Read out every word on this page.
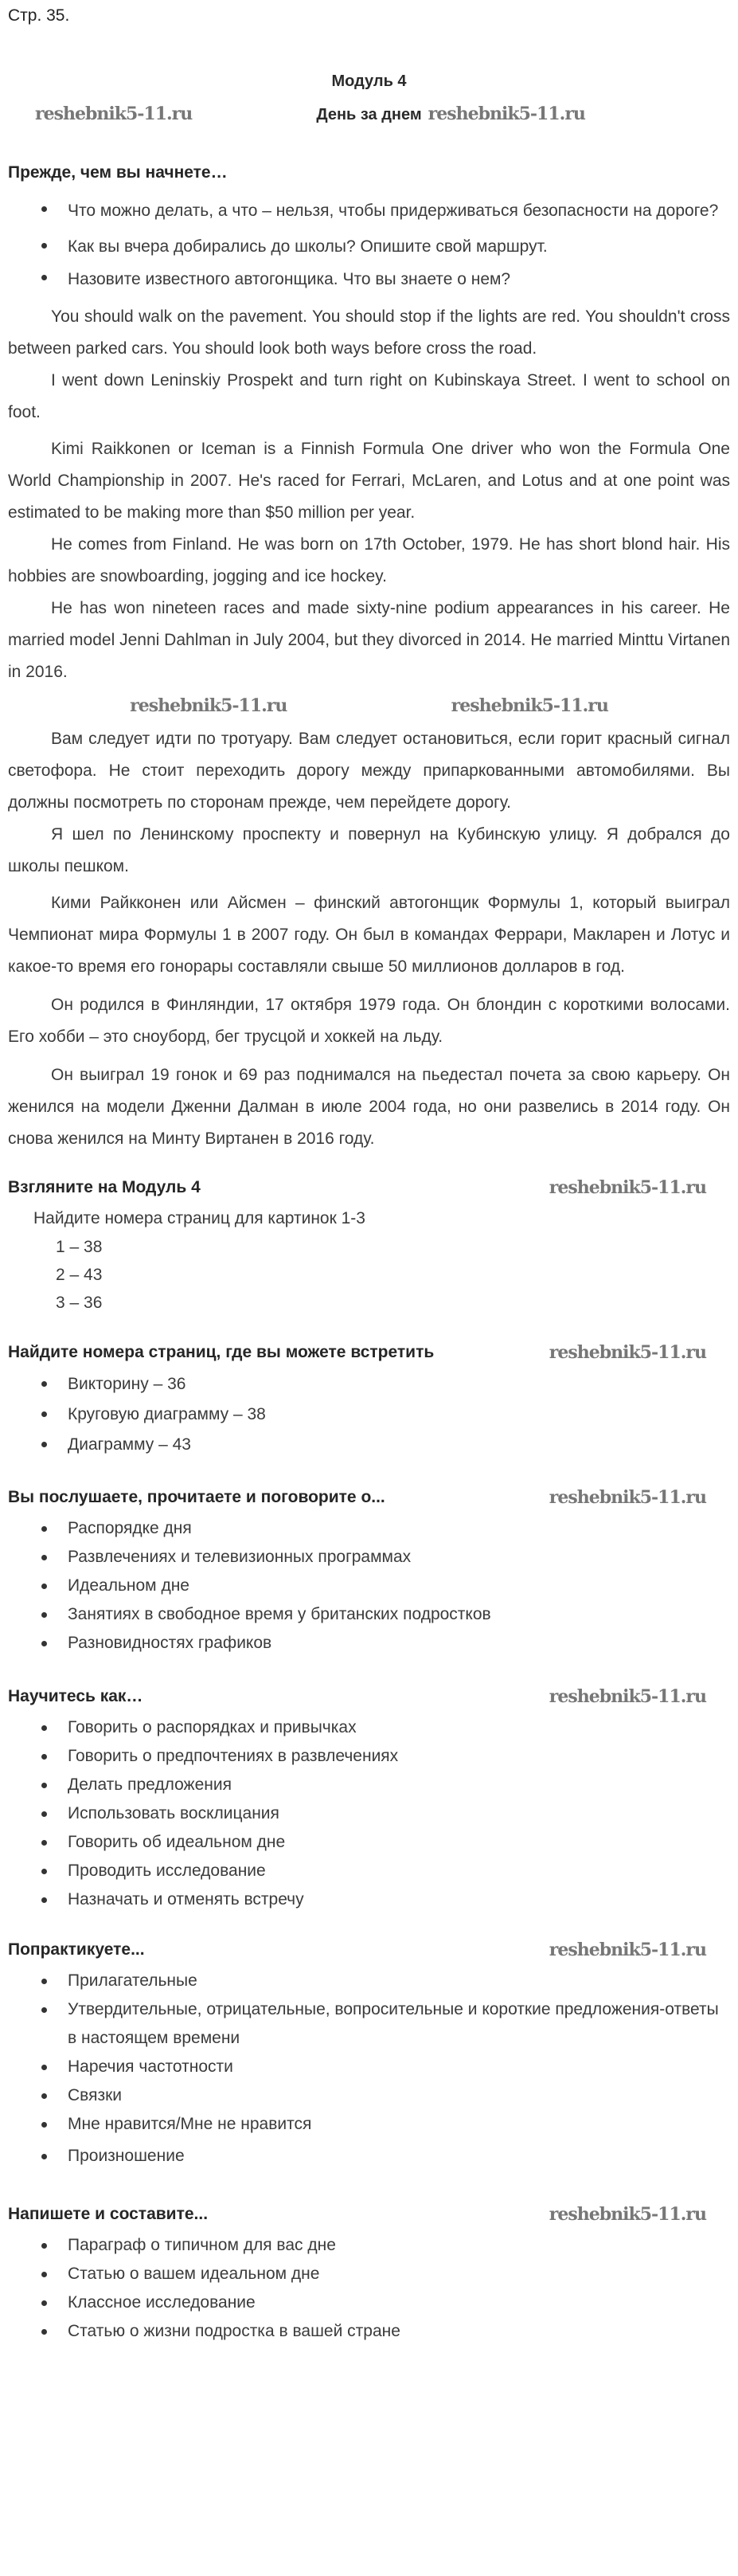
Стр. 35.
Модуль 4
reshebnik5-11.ru	День за днем reshebnik5-11.ru
Прежде, чем вы начнете…
Что можно делать, а что – нельзя, чтобы придерживаться безопасности на дороге?
Как вы вчера добирались до школы? Опишите свой маршрут.
Назовите известного автогонщика. Что вы знаете о нем?

You should walk on the pavement. You should stop if the lights are red. You shouldn't cross between parked cars. You should look both ways before cross the road.

I went down Leninskiy Prospekt and turn right on Kubinskaya Street. I went to school on foot.

Kimi Raikkonen or Iceman is a Finnish Formula One driver who won the Formula One World Championship in 2007. He's raced for Ferrari, McLaren, and Lotus and at one point was estimated to be making more than $50 million per year.

He comes from Finland. He was born on 17th October, 1979. He has short blond hair. His hobbies are snowboarding, jogging and ice hockey.

He has won nineteen races and made sixty-nine podium appearances in his career. He married model Jenni Dahlman in July 2004, but they divorced in 2014. He married Minttu Virtanen in 2016.

reshebnik5-11.ru	reshebnik5-11.ru

Вам следует идти по тротуару. Вам следует остановиться, если горит красный сигнал светофора. Не стоит переходить дорогу между припаркованными автомобилями. Вы должны посмотреть по сторонам прежде, чем перейдете дорогу.

Я шел по Ленинскому проспекту и повернул на Кубинскую улицу. Я добрался до школы пешком.

Кими Райкконен или Айсмен – финский автогонщик Формулы 1, который выиграл Чемпионат мира Формулы 1 в 2007 году. Он был в командах Феррари, Макларен и Лотус и какое-то время его гонорары составляли свыше 50 миллионов долларов в год.

Он родился в Финляндии, 17 октября 1979 года. Он блондин с короткими волосами. Его хобби – это сноуборд, бег трусцой и хоккей на льду.

Он выиграл 19 гонок и 69 раз поднимался на пьедестал почета за свою карьеру. Он женился на модели Дженни Далман в июле 2004 года, но они развелись в 2014 году. Он снова женился на Минту Виртанен в 2016 году.

Взгляните на Модуль 4	reshebnik5-11.ru
Найдите номера страниц для картинок 1-3
1 – 38
2 – 43
3 – 36
Найдите номера страниц, где вы можете встретить	reshebnik5-11.ru
Викторину – 36
Круговую диаграмму – 38
Диаграмму – 43
Вы послушаете, прочитаете и поговорите о...	reshebnik5-11.ru
Распорядке дня
Развлечениях и телевизионных программах
Идеальном дне
Занятиях в свободное время у британских подростков
Разновидностях графиков
Научитесь как…	reshebnik5-11.ru
Говорить о распорядках и привычках
Говорить о предпочтениях в развлечениях
Делать предложения
Использовать восклицания
Говорить об идеальном дне
Проводить исследование
Назначать и отменять встречу
Попрактикуете...	reshebnik5-11.ru
Прилагательные
Утвердительные, отрицательные, вопросительные и короткие предложения-ответы в настоящем времени
Наречия частотности
Связки
Мне нравится/Мне не нравится
Произношение
Напишете и составите...	reshebnik5-11.ru
Параграф о типичном для вас дне
Статью о вашем идеальном дне
Классное исследование
Статью о жизни подростка в вашей стране
